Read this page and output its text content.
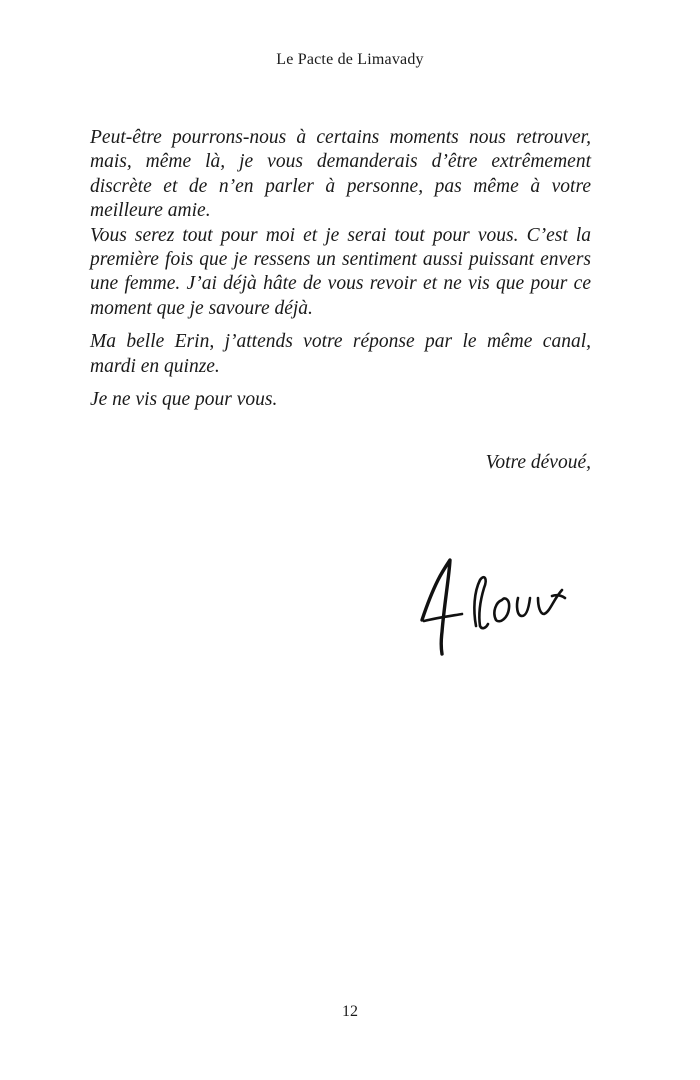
Le Pacte de Limavady

Peut-être pourrons-nous à certains moments nous retrouver, mais, même là, je vous demanderais d’être extrêmement discrète et de n’en parler à personne, pas même à votre meilleure amie.

Vous serez tout pour moi et je serai tout pour vous. C’est la première fois que je ressens un sentiment aussi puissant envers une femme. J’ai déjà hâte de vous revoir et ne vis que pour ce moment que je savoure déjà.

Ma belle Erin, j’attends votre réponse par le même canal, mardi en quinze.

Je ne vis que pour vous.

Votre dévoué,
12
